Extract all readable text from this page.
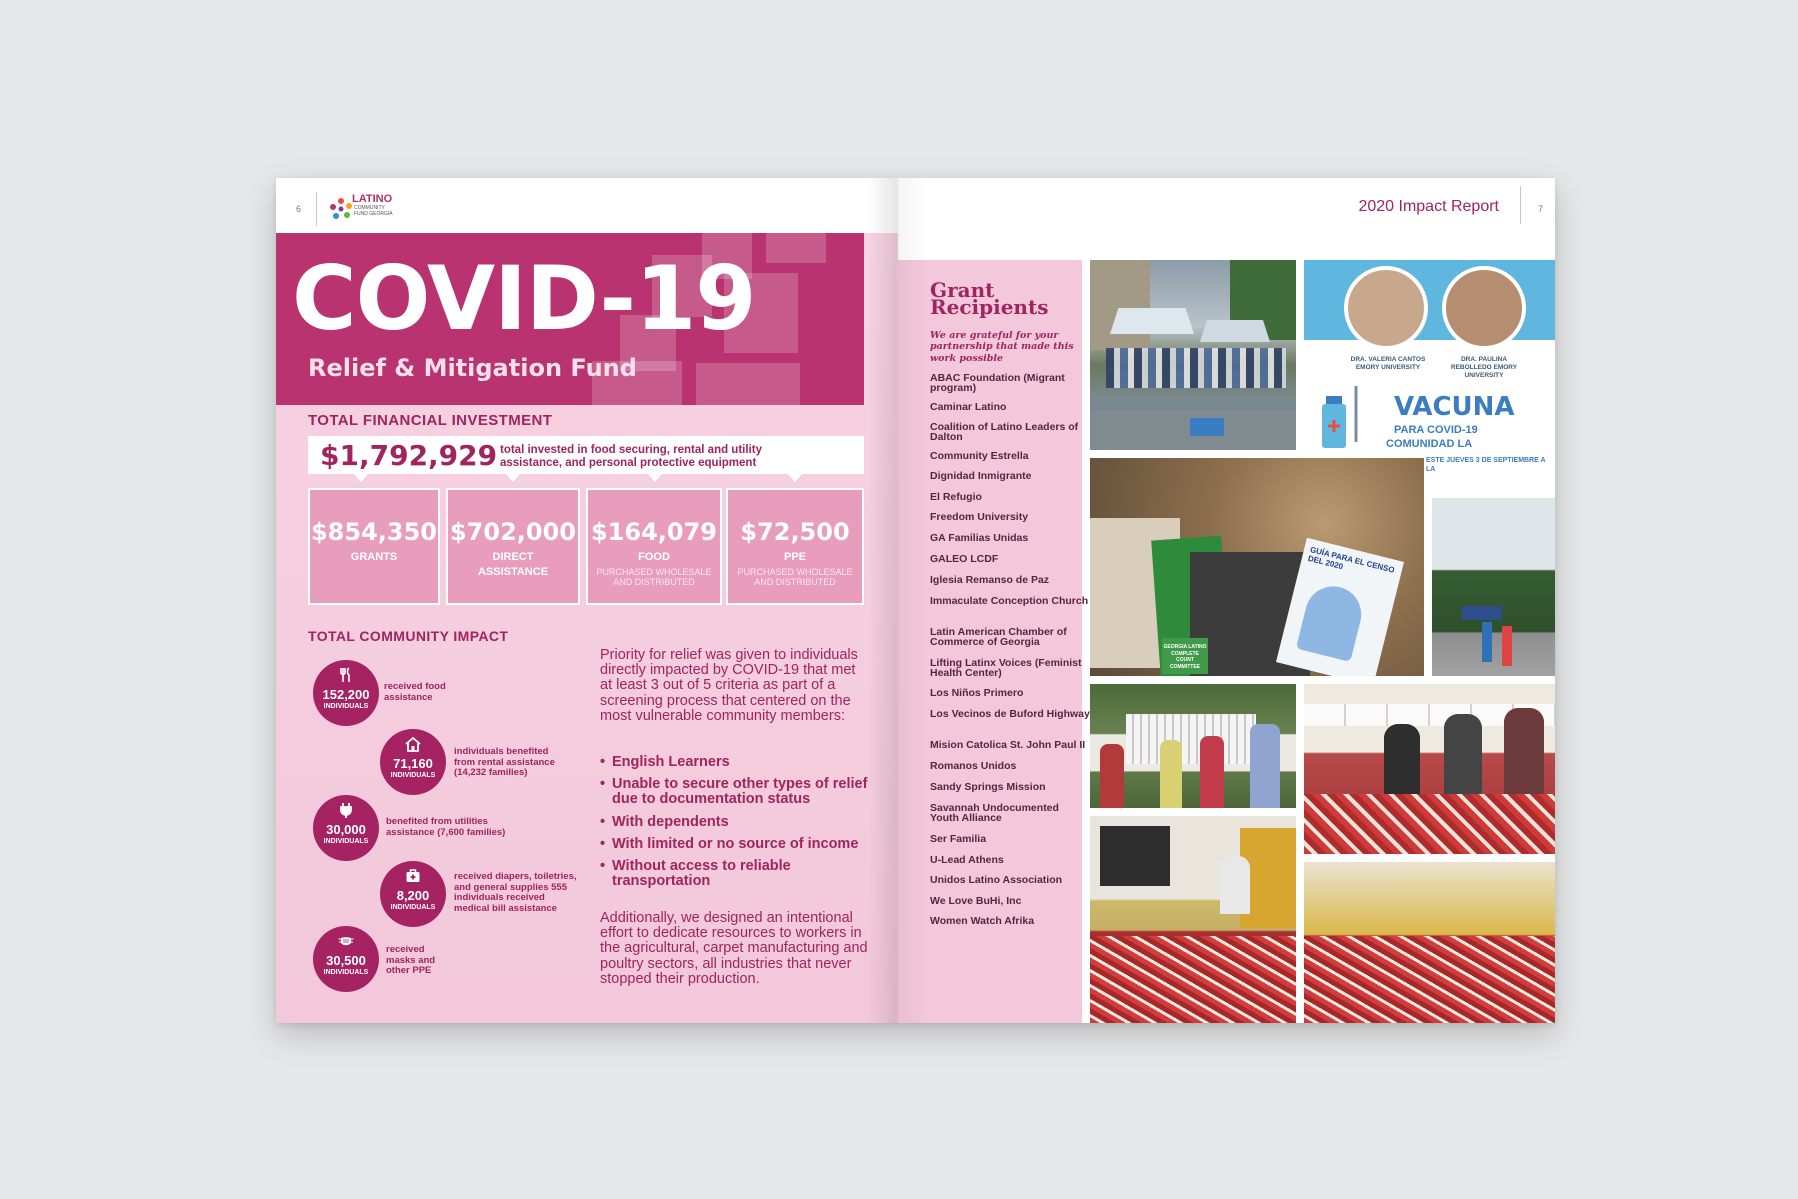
6
LATINO
COMMUNITY FUND GEORGIA
COVID-19
Relief & Mitigation Fund
TOTAL FINANCIAL INVESTMENT
$1,792,929 total invested in food securing, rental and utility assistance, and personal protective equipment
$854,350
GRANTS
$702,000
DIRECT ASSISTANCE
$164,079
FOOD
PURCHASED WHOLESALE AND DISTRIBUTED
$72,500
PPE
PURCHASED WHOLESALE AND DISTRIBUTED
TOTAL COMMUNITY IMPACT
152,200
INDIVIDUALS
received food assistance
71,160
INDIVIDUALS
individuals benefited from rental assistance (14,232 families)
30,000
INDIVIDUALS
benefited from utilities assistance (7,600 families)
8,200
INDIVIDUALS
received diapers, toiletries, and general supplies 555 individuals received medical bill assistance
30,500
INDIVIDUALS
received masks and other PPE
Priority for relief was given to individuals directly impacted by COVID-19 that met at least 3 out of 5 criteria as part of a screening process that centered on the most vulnerable community members:
• English Learners
• Unable to secure other types of relief due to documentation status
• With dependents
• With limited or no source of income
• Without access to reliable transportation
Additionally, we designed an intentional effort to dedicate resources to workers in the agricultural, carpet manufacturing and poultry sectors, all industries that never stopped their production.
2020 Impact Report	7
Grant Recipients
We are grateful for your partnership that made this work possible
ABAC Foundation (Migrant program)
Caminar Latino
Coalition of Latino Leaders of Dalton
Community Estrella
Dignidad Inmigrante
El Refugio
Freedom University
GA Familias Unidas
GALEO LCDF
Iglesia Remanso de Paz
Immaculate Conception Church
Latin American Chamber of Commerce of Georgia
Lifting Latinx Voices (Feminist Health Center)
Los Niños Primero
Los Vecinos de Buford Highway
Mision Catolica St. John Paul II
Romanos Unidos
Sandy Springs Mission
Savannah Undocumented Youth Alliance
Ser Familia
U-Lead Athens
Unidos Latino Association
We Love BuHi, Inc
Women Watch Afrika
DRA. VALERIA CANTOS EMORY UNIVERSITY
DRA. PAULINA REBOLLEDO EMORY UNIVERSITY
VACUNA
PARA COVID-19
COMUNIDAD LA
ESTE JUEVES 3 DE SEPTIEMBRE A LA
GUÍA PARA EL CENSO DEL 2020
GEORGIA LATINO COMPLETE COUNT COMMITTEE
